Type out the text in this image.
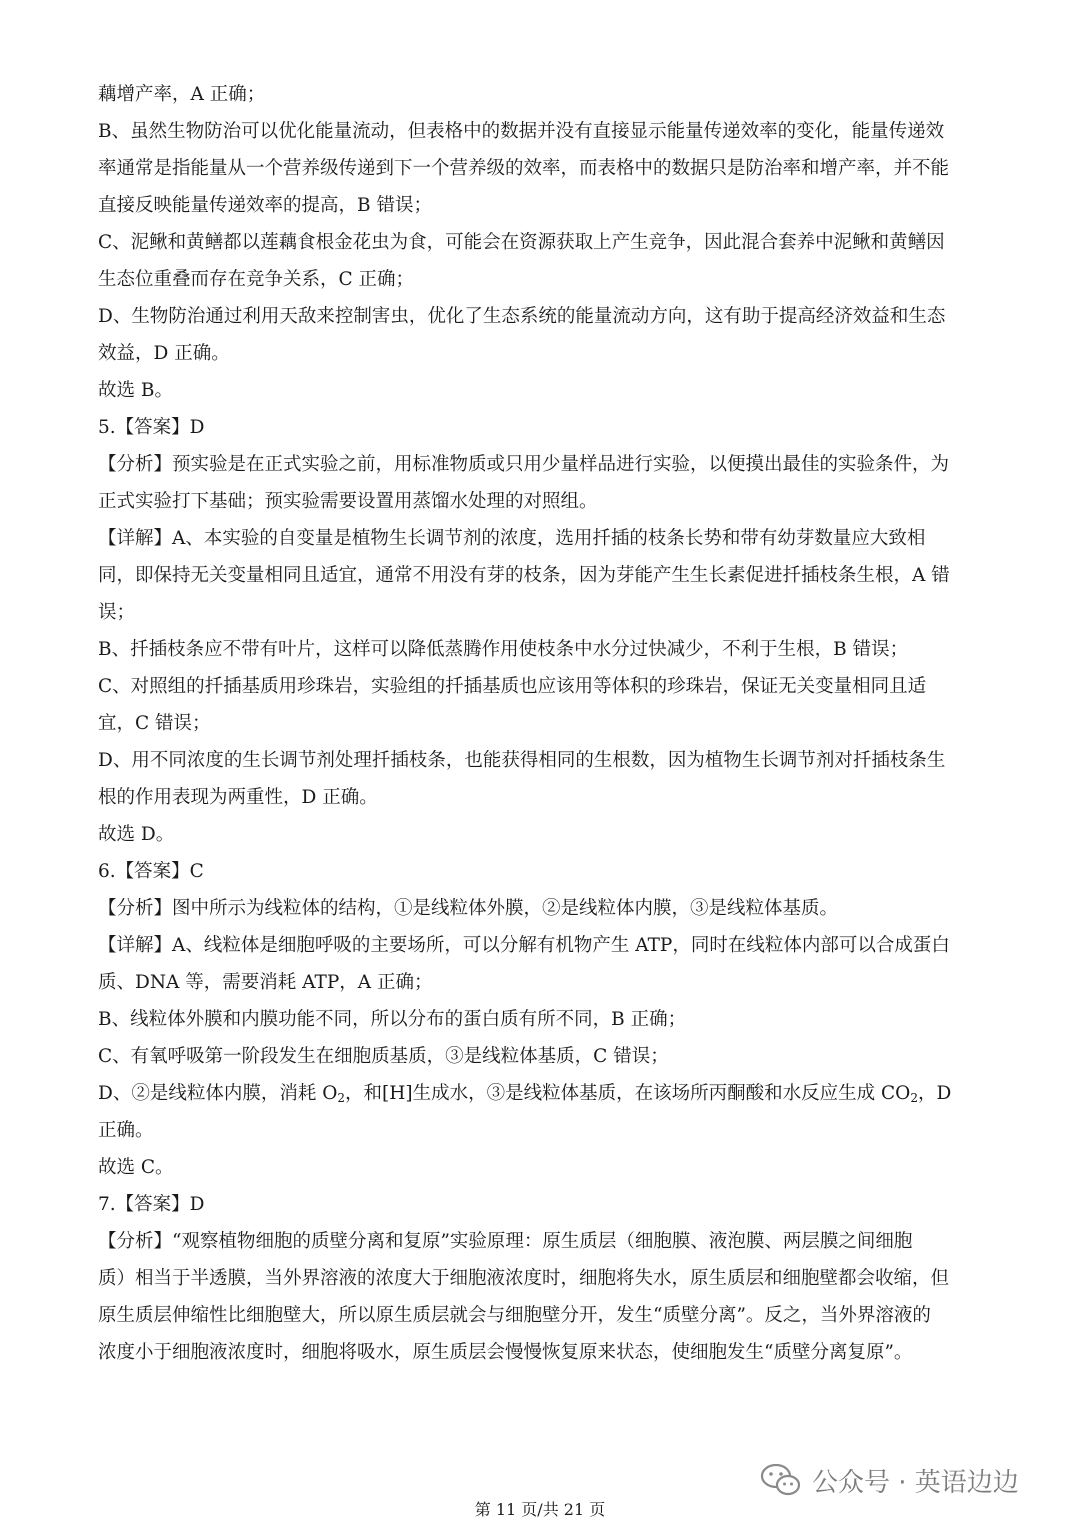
藕增产率，A 正确；

B、虽然生物防治可以优化能量流动，但表格中的数据并没有直接显示能量传递效率的变化，能量传递效

率通常是指能量从一个营养级传递到下一个营养级的效率，而表格中的数据只是防治率和增产率，并不能

直接反映能量传递效率的提高，B 错误；

C、泥鳅和黄鳝都以莲藕食根金花虫为食，可能会在资源获取上产生竞争，因此混合套养中泥鳅和黄鳝因

生态位重叠而存在竞争关系，C 正确；

D、生物防治通过利用天敌来控制害虫，优化了生态系统的能量流动方向，这有助于提高经济效益和生态

效益，D 正确。

故选 B。

5.【答案】D

【分析】预实验是在正式实验之前，用标准物质或只用少量样品进行实验，以便摸出最佳的实验条件，为

正式实验打下基础；预实验需要设置用蒸馏水处理的对照组。

【详解】A、本实验的自变量是植物生长调节剂的浓度，选用扦插的枝条长势和带有幼芽数量应大致相

同，即保持无关变量相同且适宜，通常不用没有芽的枝条，因为芽能产生生长素促进扦插枝条生根，A 错

误；

B、扦插枝条应不带有叶片，这样可以降低蒸腾作用使枝条中水分过快减少，不利于生根，B 错误；

C、对照组的扦插基质用珍珠岩，实验组的扦插基质也应该用等体积的珍珠岩，保证无关变量相同且适

宜，C 错误；

D、用不同浓度的生长调节剂处理扦插枝条，也能获得相同的生根数，因为植物生长调节剂对扦插枝条生

根的作用表现为两重性，D 正确。

故选 D。

6.【答案】C

【分析】图中所示为线粒体的结构，①是线粒体外膜，②是线粒体内膜，③是线粒体基质。

【详解】A、线粒体是细胞呼吸的主要场所，可以分解有机物产生 ATP，同时在线粒体内部可以合成蛋白

质、DNA 等，需要消耗 ATP，A 正确；

B、线粒体外膜和内膜功能不同，所以分布的蛋白质有所不同，B 正确；

C、有氧呼吸第一阶段发生在细胞质基质，③是线粒体基质，C 错误；

D、②是线粒体内膜，消耗 $O_2$，和[H]生成水，③是线粒体基质，在该场所丙酮酸和水反应生成 $CO_2$，D

正确。

故选 C。

7.【答案】D

【分析】“观察植物细胞的质壁分离和复原”实验原理：原生质层（细胞膜、液泡膜、两层膜之间细胞

质）相当于半透膜，当外界溶液的浓度大于细胞液浓度时，细胞将失水，原生质层和细胞壁都会收缩，但

原生质层伸缩性比细胞壁大，所以原生质层就会与细胞壁分开，发生“质壁分离”。反之，当外界溶液的

浓度小于细胞液浓度时，细胞将吸水，原生质层会慢慢恢复原来状态，使细胞发生“质壁分离复原”。

公众号 · 英语边边
第 11 页/共 21 页
